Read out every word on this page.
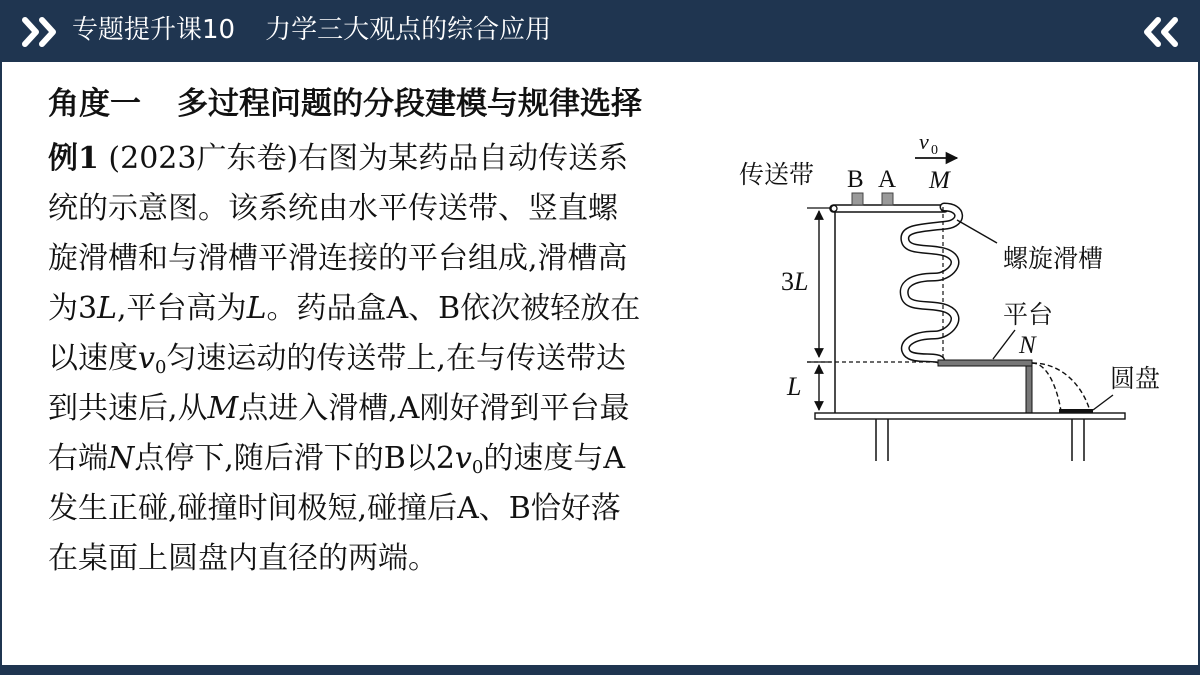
专题提升课10 力学三大观点的综合应用
角度一 多过程问题的分段建模与规律选择
例1 (2023广东卷)右图为某药品自动传送系
统的示意图。该系统由水平传送带、竖直螺
旋滑槽和与滑槽平滑连接的平台组成,滑槽高
为3L,平台高为L。药品盒A、B依次被轻放在
以速度$v_0$匀速运动的传送带上,在与传送带达
到共速后,从M点进入滑槽,A刚好滑到平台最
右端N点停下,随后滑下的B以$2v_0$的速度与A
发生正碰,碰撞时间极短,碰撞后A、B恰好落
在桌面上圆盘内直径的两端。
传送带 B A
v 0
M
螺旋滑槽
3L
平台
N
L	圆盘
